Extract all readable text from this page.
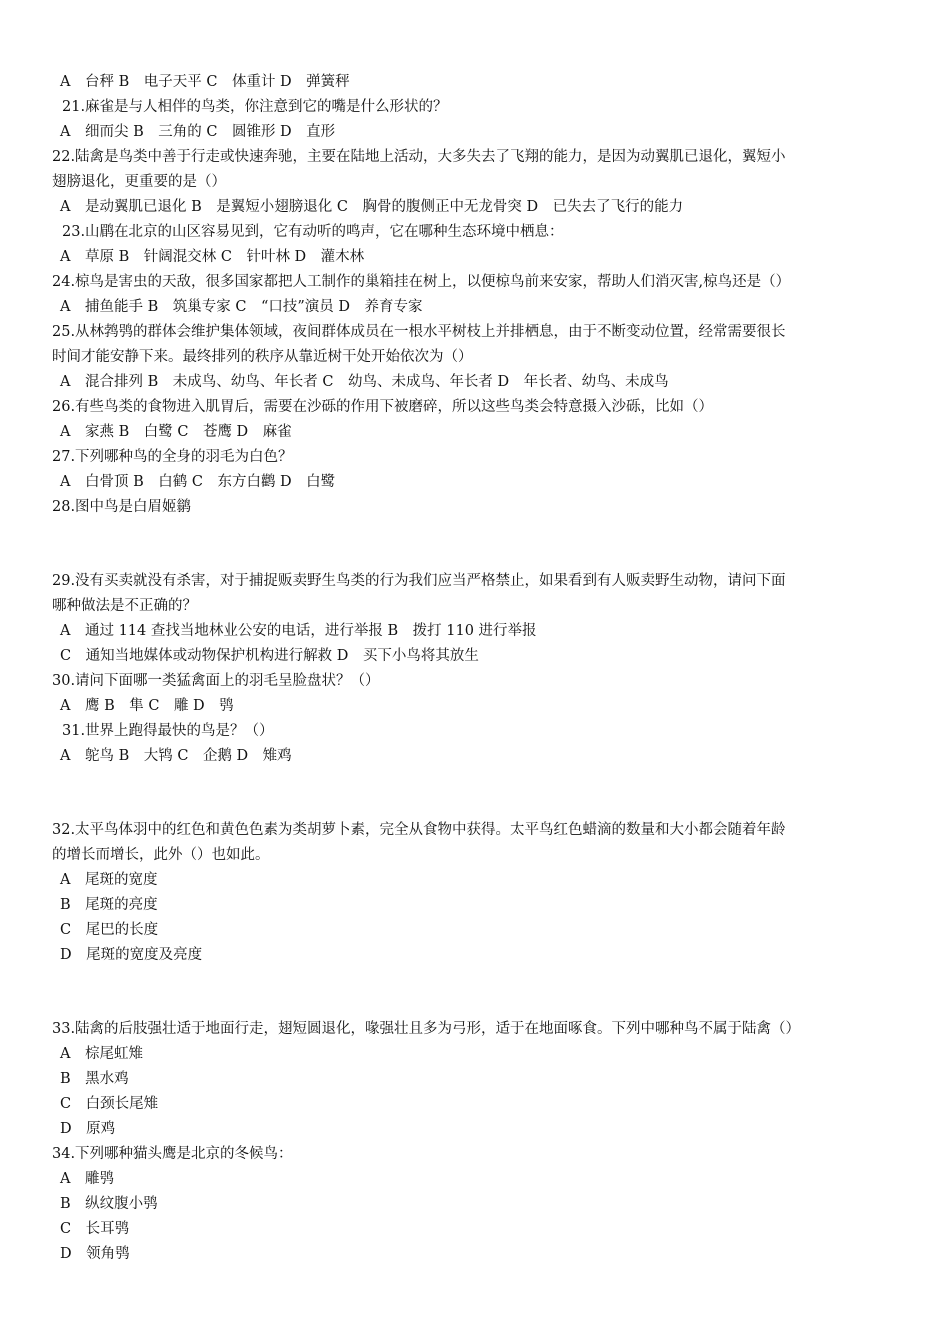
A　台秤 B　电子天平 C　体重计 D　弹簧秤
21.麻雀是与人相伴的鸟类，你注意到它的嘴是什么形状的？
A　细而尖 B　三角的 C　圆锥形 D　直形
22.陆禽是鸟类中善于行走或快速奔驰，主要在陆地上活动，大多失去了飞翔的能力，是因为动翼肌已退化，翼短小
翅膀退化，更重要的是（）
A　是动翼肌已退化 B　是翼短小翅膀退化 C　胸骨的腹侧正中无龙骨突 D　已失去了飞行的能力
23.山鹛在北京的山区容易见到，它有动听的鸣声，它在哪种生态环境中栖息：
A　草原 B　针阔混交林 C　针叶林 D　灌木林
24.椋鸟是害虫的天敌，很多国家都把人工制作的巢箱挂在树上，以便椋鸟前来安家，帮助人们消灭害,椋鸟还是（）
A　捕鱼能手 B　筑巢专家 C　“口技”演员 D　养育专家
25.从林鹁鸮的群体会维护集体领域，夜间群体成员在一根水平树枝上并排栖息，由于不断变动位置，经常需要很长
时间才能安静下来。最终排列的秩序从靠近树干处开始依次为（）
A　混合排列 B　未成鸟、幼鸟、年长者 C　幼鸟、未成鸟、年长者 D　年长者、幼鸟、未成鸟
26.有些鸟类的食物进入肌胃后，需要在沙砾的作用下被磨碎，所以这些鸟类会特意摄入沙砾，比如（）
A　家燕 B　白鹭 C　苍鹰 D　麻雀
27.下列哪种鸟的全身的羽毛为白色？
A　白骨顶 B　白鹤 C　东方白鹳 D　白鹭
28.图中鸟是白眉姬鹟
29.没有买卖就没有杀害，对于捕捉贩卖野生鸟类的行为我们应当严格禁止，如果看到有人贩卖野生动物，请问下面
哪种做法是不正确的？
A　通过 114 查找当地林业公安的电话，进行举报 B　拨打 110 进行举报
C　通知当地媒体或动物保护机构进行解救 D　买下小鸟将其放生
30.请问下面哪一类猛禽面上的羽毛呈脸盘状？（）
A　鹰 B　隼 C　雕 D　鸮
31.世界上跑得最快的鸟是？（）
A　鸵鸟 B　大鸨 C　企鹅 D　雉鸡
32.太平鸟体羽中的红色和黄色色素为类胡萝卜素，完全从食物中获得。太平鸟红色蜡滴的数量和大小都会随着年龄
的增长而增长，此外（）也如此。
A　尾斑的宽度
B　尾斑的亮度
C　尾巴的长度
D　尾斑的宽度及亮度
33.陆禽的后肢强壮适于地面行走，翅短圆退化，喙强壮且多为弓形，适于在地面啄食。下列中哪种鸟不属于陆禽（）
A　棕尾虹雉
B　黑水鸡
C　白颈长尾雉
D　原鸡
34.下列哪种猫头鹰是北京的冬候鸟：
A　雕鸮
B　纵纹腹小鸮
C　长耳鸮
D　领角鸮
